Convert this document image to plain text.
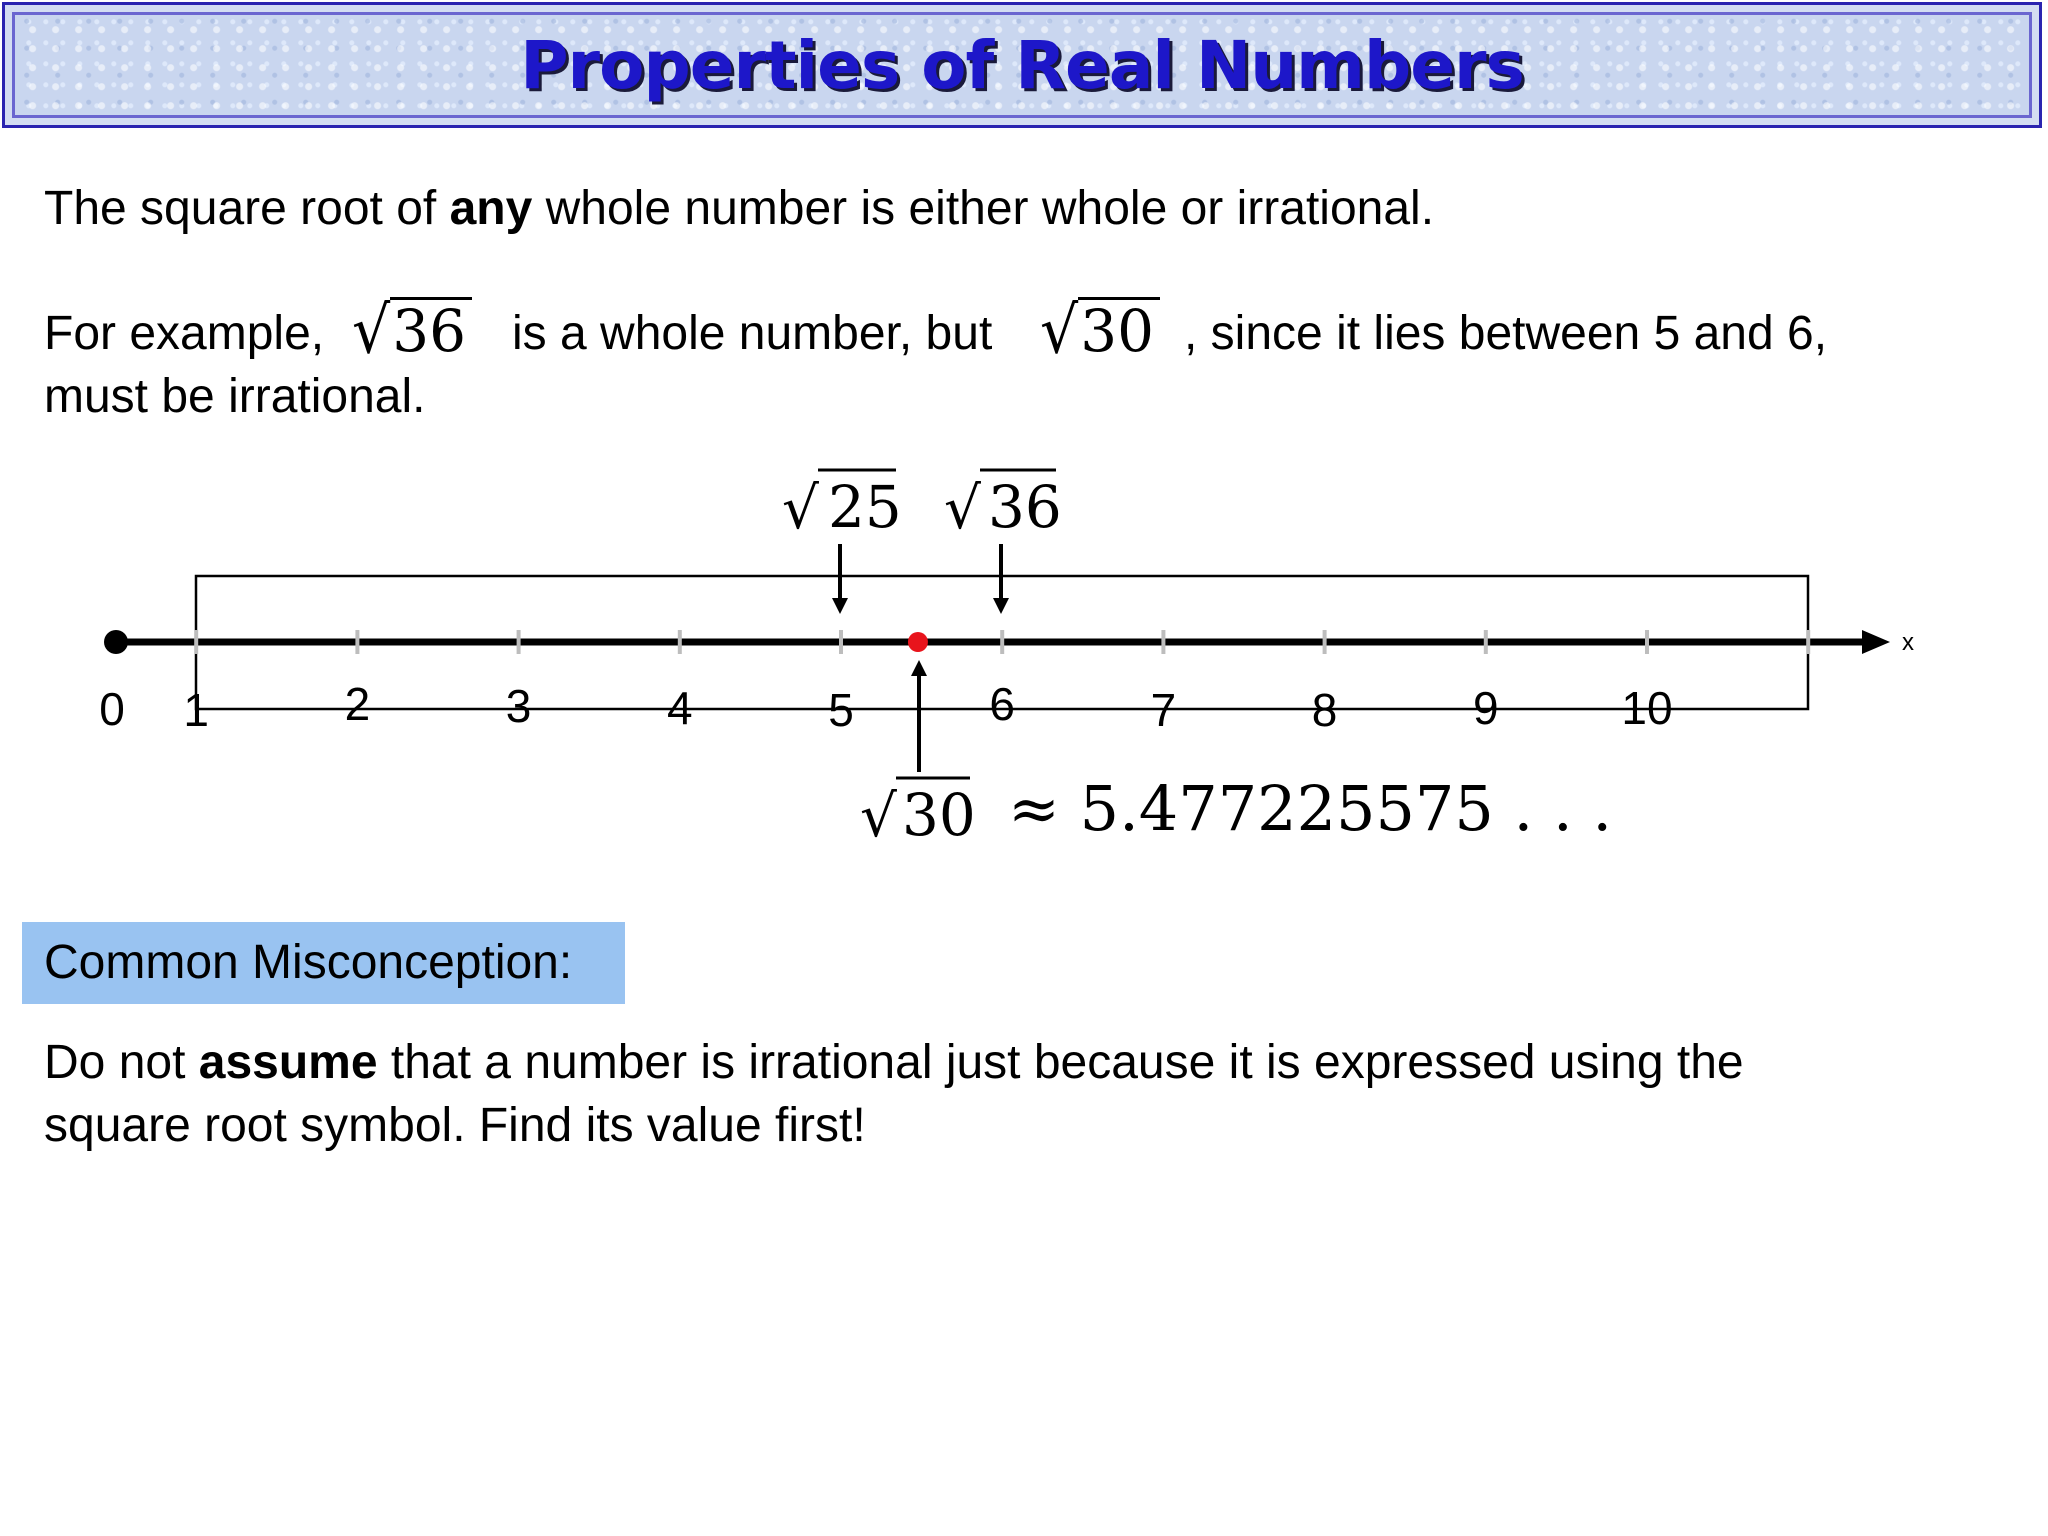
Properties of Real Numbers
The square root of any whole number is either whole or irrational.
For example, √36 is a whole number, but √30 , since it lies between 5 and 6,
must be irrational.
1	2	3	4	5	6	7	8	9	10
0
x
√ 25 √ 36
√ 30 ≈ 5.477225575 . . .
Common Misconception:
Do not assume that a number is irrational just because it is expressed using the
square root symbol. Find its value first!
